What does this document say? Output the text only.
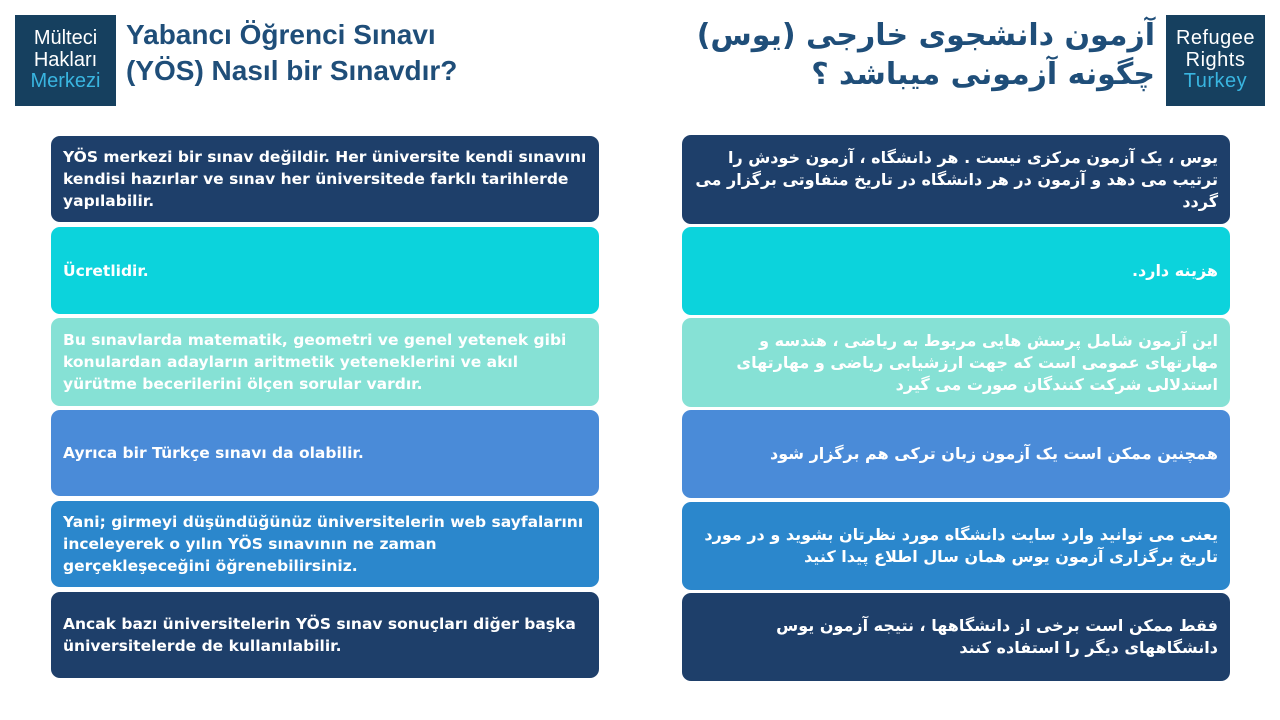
Mülteci
Hakları
Merkezi
Yabancı Öğrenci Sınavı
(YÖS) Nasıl bir Sınavdır?
آزمون دانشجوی خارجی (یوس)
چگونه آزمونی میباشد ؟
Refugee
Rights
Turkey
YÖS merkezi bir sınav değildir. Her üniversite kendi sınavını kendisi hazırlar ve sınav her üniversitede farklı tarihlerde yapılabilir.
Ücretlidir.
Bu sınavlarda matematik, geometri ve genel yetenek gibi konulardan adayların aritmetik yeteneklerini ve akıl yürütme becerilerini ölçen sorular vardır.
Ayrıca bir Türkçe sınavı da olabilir.
Yani; girmeyi düşündüğünüz üniversitelerin web sayfalarını inceleyerek o yılın YÖS sınavının ne zaman gerçekleşeceğini öğrenebilirsiniz.
Ancak bazı üniversitelerin YÖS sınav sonuçları diğer başka üniversitelerde de kullanılabilir.
یوس ، یک آزمون مرکزی نیست . هر دانشگاه ، آزمون خودش را ترتیب می دهد و آزمون در هر دانشگاه در تاریخ متفاوتی برگزار می گردد
هزینه دارد.
این آزمون شامل پرسش هایی مربوط به ریاضی ، هندسه و مهارتهای عمومی است که جهت ارزشیابی ریاضی و مهارتهای استدلالی شرکت کنندگان صورت می گیرد
همچنین ممکن است یک آزمون زبان ترکی هم برگزار شود
یعنی می توانید وارد سایت دانشگاه مورد نظرتان بشوید و در مورد تاریخ برگزاری آزمون یوس همان سال اطلاع پیدا کنید
فقط ممکن است برخی از دانشگاهها ، نتیجه آزمون یوس دانشگاههای دیگر را استفاده کنند
